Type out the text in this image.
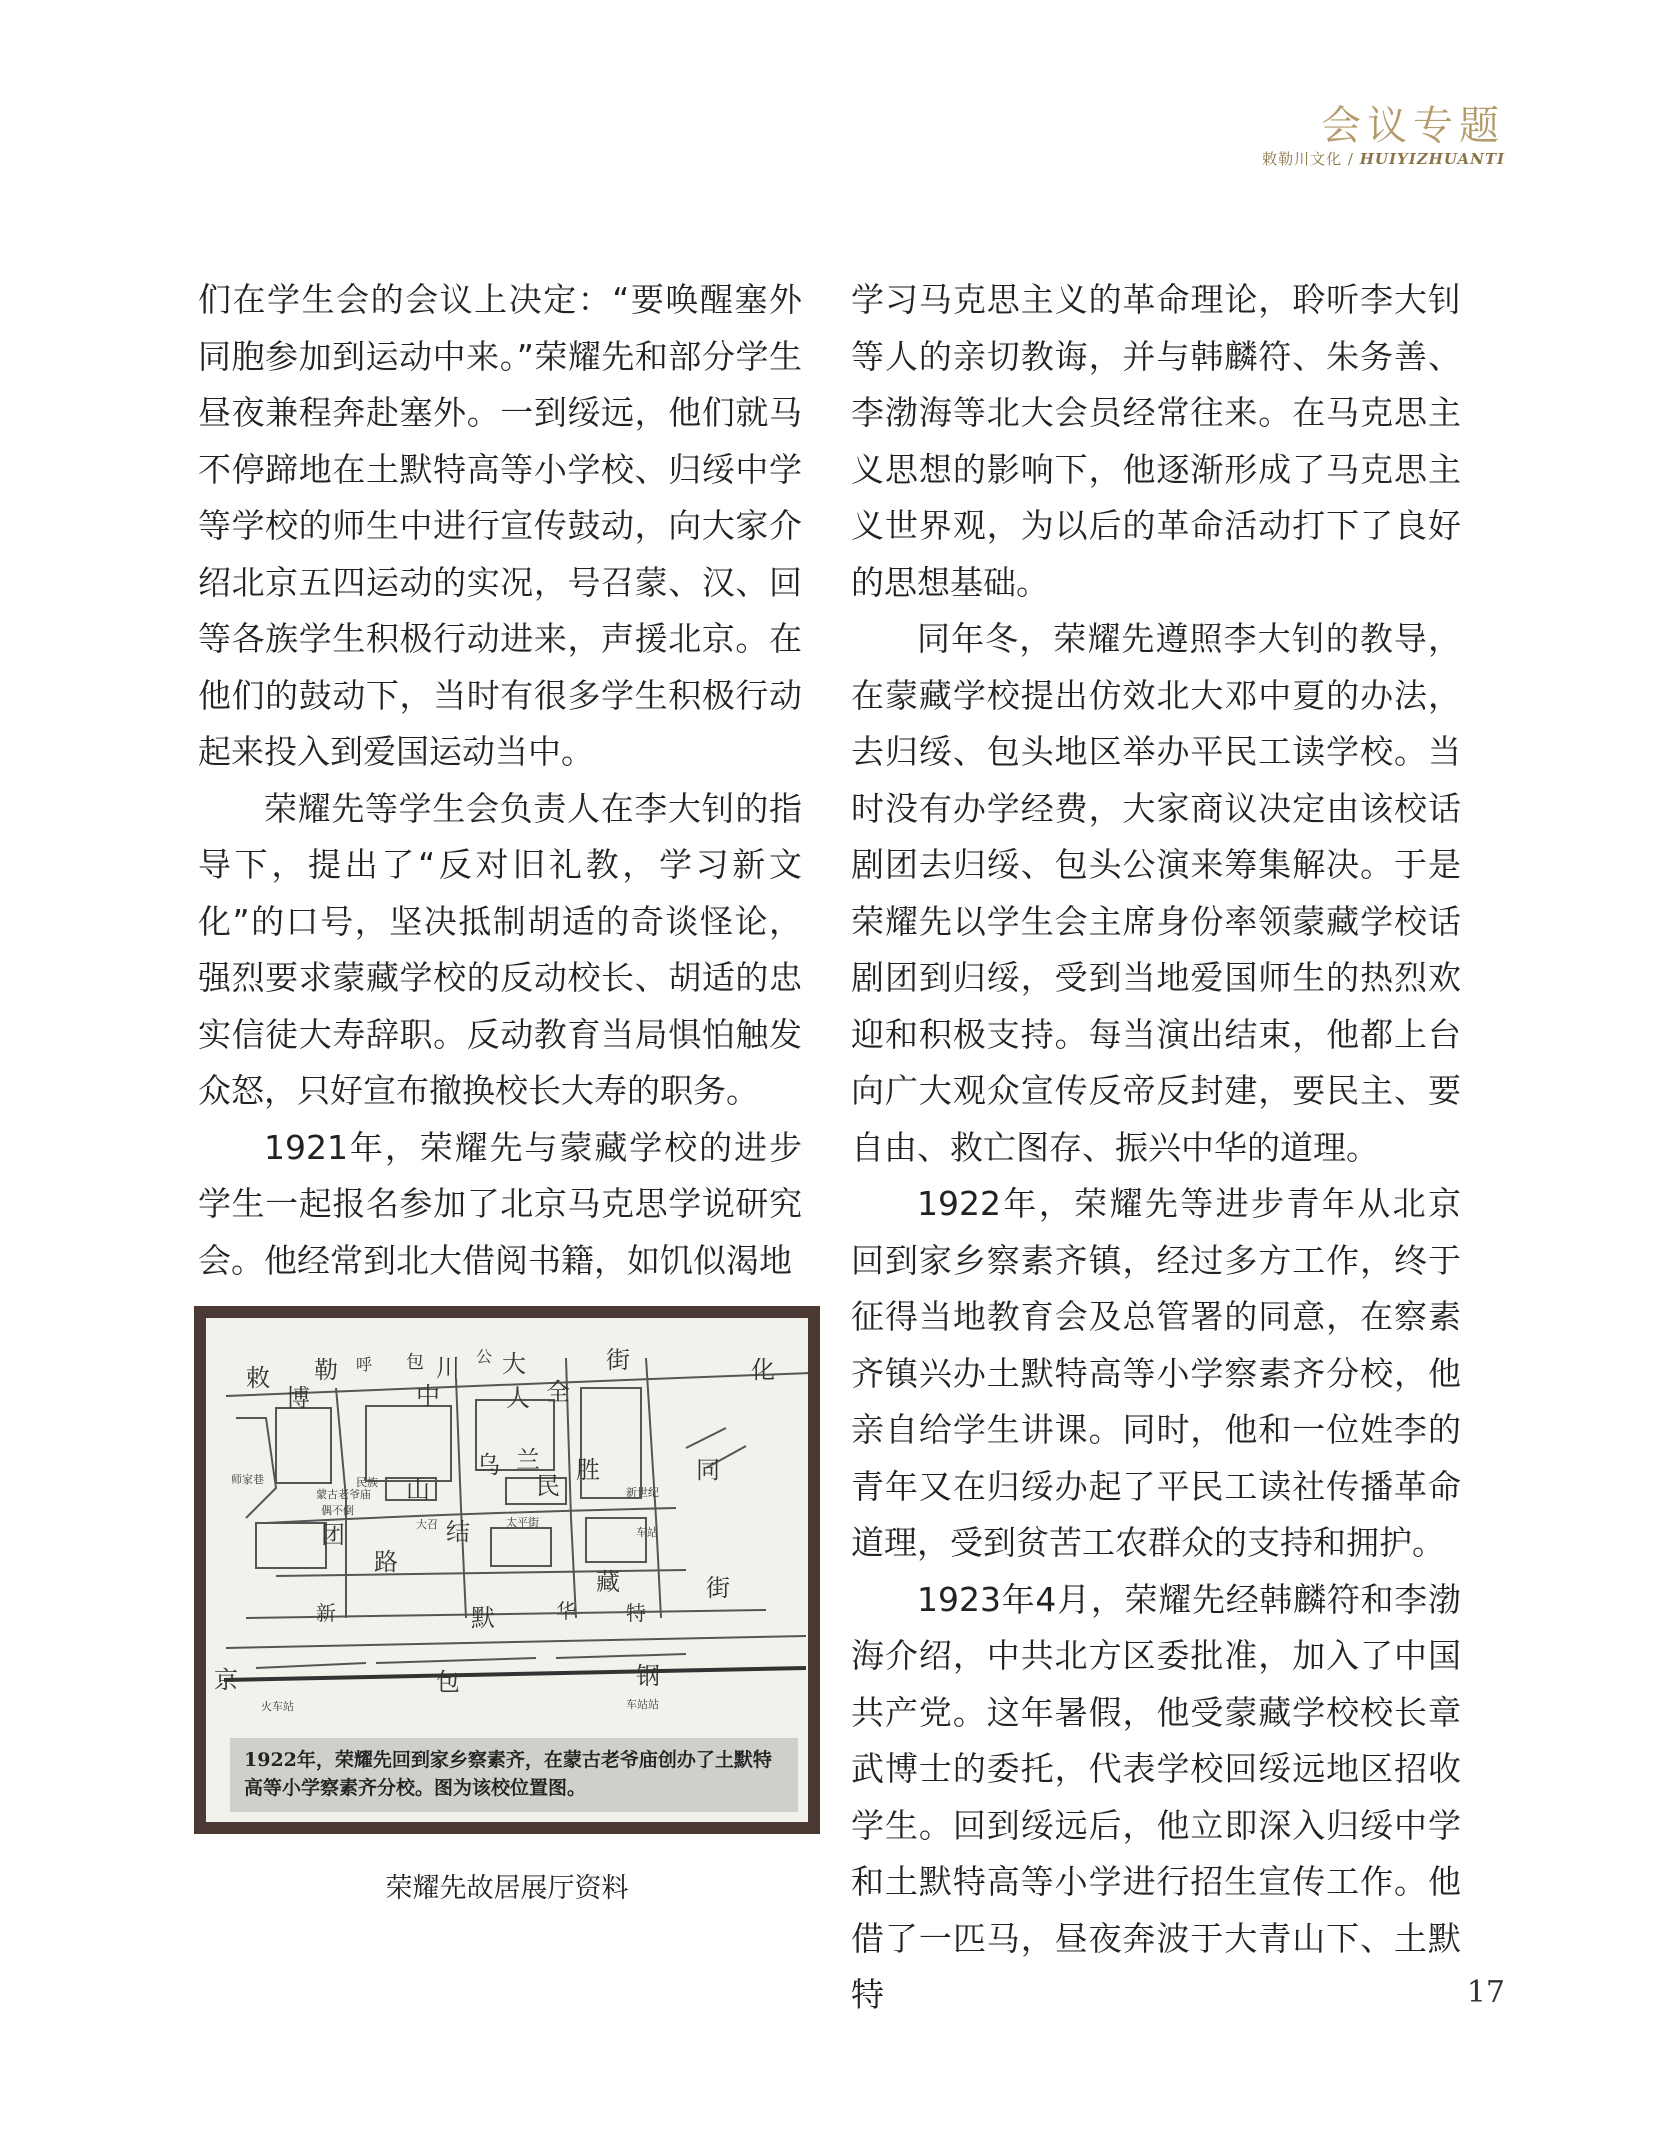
会议专题
敕勒川文化 / HUIYIZHUANTI

们在学生会的会议上决定：“要唤醒塞外同胞参加到运动中来。”荣耀先和部分学生昼夜兼程奔赴塞外。一到绥远，他们就马不停蹄地在土默特高等小学校、归绥中学等学校的师生中进行宣传鼓动，向大家介绍北京五四运动的实况，号召蒙、汉、回等各族学生积极行动进来，声援北京。在他们的鼓动下，当时有很多学生积极行动起来投入到爱国运动当中。

荣耀先等学生会负责人在李大钊的指导下，提出了“反对旧礼教，学习新文化”的口号，坚决抵制胡适的奇谈怪论，强烈要求蒙藏学校的反动校长、胡适的忠实信徒大寿辞职。反动教育当局惧怕触发众怒，只好宣布撤换校长大寿的职务。

1921年，荣耀先与蒙藏学校的进步学生一起报名参加了北京马克思学说研究会。他经常到北大借阅书籍，如饥似渴地

学习马克思主义的革命理论，聆听李大钊等人的亲切教诲，并与韩麟符、朱务善、李渤海等北大会员经常往来。在马克思主义思想的影响下，他逐渐形成了马克思主义世界观，为以后的革命活动打下了良好的思想基础。

同年冬，荣耀先遵照李大钊的教导，在蒙藏学校提出仿效北大邓中夏的办法，去归绥、包头地区举办平民工读学校。当时没有办学经费，大家商议决定由该校话剧团去归绥、包头公演来筹集解决。于是荣耀先以学生会主席身份率领蒙藏学校话剧团到归绥，受到当地爱国师生的热烈欢迎和积极支持。每当演出结束，他都上台向广大观众宣传反帝反封建，要民主、要自由、救亡图存、振兴中华的道理。

1922年，荣耀先等进步青年从北京回到家乡察素齐镇，经过多方工作，终于征得当地教育会及总管署的同意，在察素齐镇兴办土默特高等小学察素齐分校，他亲自给学生讲课。同时，他和一位姓李的青年又在归绥办起了平民工读社传播革命道理，受到贫苦工农群众的支持和拥护。

1923年4月，荣耀先经韩麟符和李渤海介绍，中共北方区委批准，加入了中国共产党。这年暑假，他受蒙藏学校校长章武博士的委托，代表学校回绥远地区招收学生。回到绥远后，他立即深入归绥中学和土默特高等小学进行招生宣传工作。他借了一匹马，昼夜奔波于大青山下、土默特

敕 勒	川 公 大	街	化
呼 包
博	中	人 全
同
乌 兰
民
胜
山
团	结
路
藏
新	华
默	特
街
京	包	钢
师家巷
蒙古老爷庙
偶不倒
火车站
民族
新世纪
太平街
大召
车站
车站站
1922年，荣耀先回到家乡察素齐，在蒙古老爷庙创办了土默特高等小学察素齐分校。图为该校位置图。
荣耀先故居展厅资料
17
